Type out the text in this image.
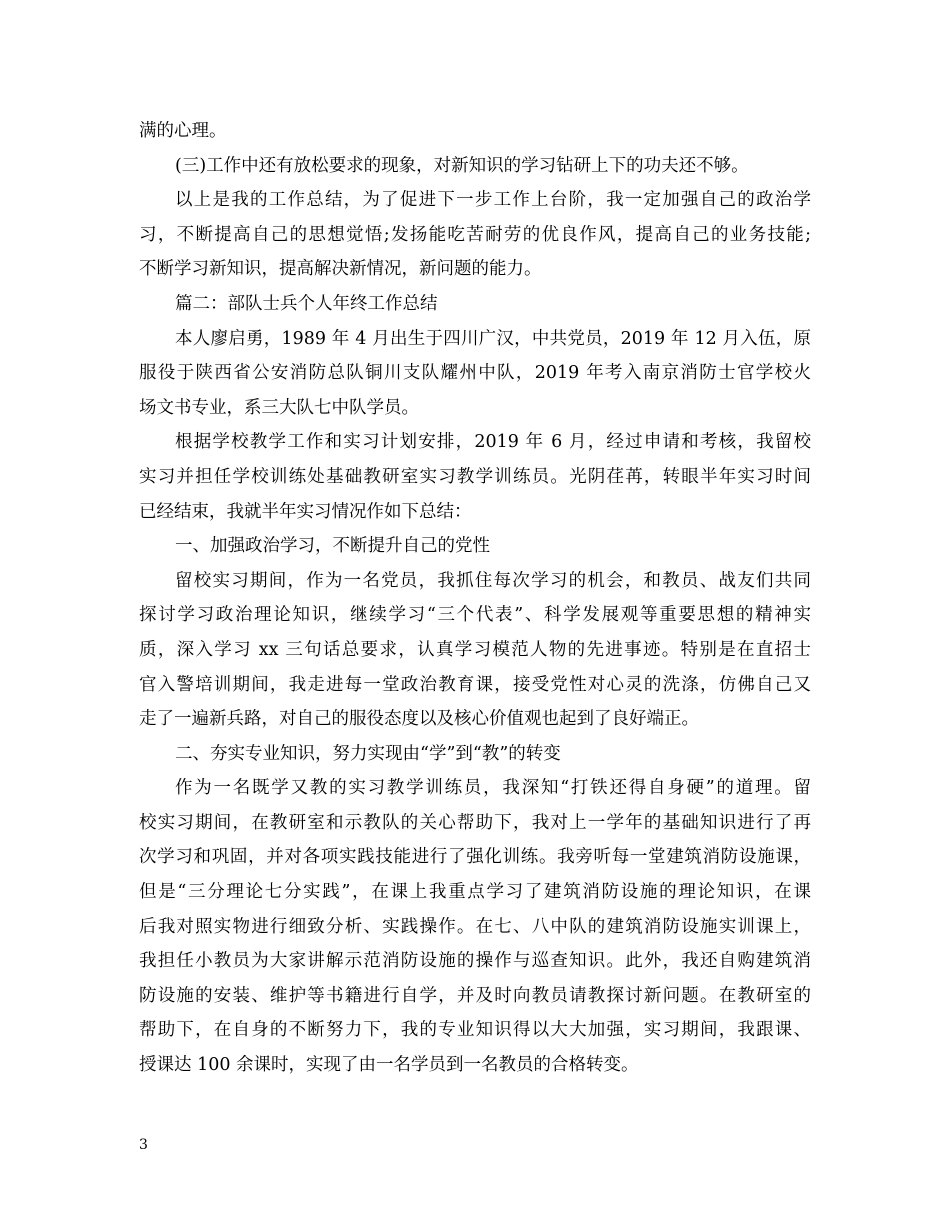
满的心理。
(三)工作中还有放松要求的现象，对新知识的学习钻研上下的功夫还不够。
以上是我的工作总结，为了促进下一步工作上台阶，我一定加强自己的政治学
习，不断提高自己的思想觉悟;发扬能吃苦耐劳的优良作风，提高自己的业务技能;
不断学习新知识，提高解决新情况，新问题的能力。
篇二：部队士兵个人年终工作总结
本人廖启勇，1989 年 4 月出生于四川广汉，中共党员，2019 年 12 月入伍，原
服役于陕西省公安消防总队铜川支队耀州中队，2019 年考入南京消防士官学校火
场文书专业，系三大队七中队学员。
根据学校教学工作和实习计划安排，2019 年 6 月，经过申请和考核，我留校
实习并担任学校训练处基础教研室实习教学训练员。光阴荏苒，转眼半年实习时间
已经结束，我就半年实习情况作如下总结：
一、加强政治学习，不断提升自己的党性
留校实习期间，作为一名党员，我抓住每次学习的机会，和教员、战友们共同
探讨学习政治理论知识，继续学习“三个代表”、科学发展观等重要思想的精神实
质，深入学习 xx 三句话总要求，认真学习模范人物的先进事迹。特别是在直招士
官入警培训期间，我走进每一堂政治教育课，接受党性对心灵的洗涤，仿佛自己又
走了一遍新兵路，对自己的服役态度以及核心价值观也起到了良好端正。
二、夯实专业知识，努力实现由“学”到“教”的转变
作为一名既学又教的实习教学训练员，我深知“打铁还得自身硬”的道理。留
校实习期间，在教研室和示教队的关心帮助下，我对上一学年的基础知识进行了再
次学习和巩固，并对各项实践技能进行了强化训练。我旁听每一堂建筑消防设施课，
但是“三分理论七分实践”，在课上我重点学习了建筑消防设施的理论知识，在课
后我对照实物进行细致分析、实践操作。在七、八中队的建筑消防设施实训课上，
我担任小教员为大家讲解示范消防设施的操作与巡查知识。此外，我还自购建筑消
防设施的安装、维护等书籍进行自学，并及时向教员请教探讨新问题。在教研室的
帮助下，在自身的不断努力下，我的专业知识得以大大加强，实习期间，我跟课、
授课达 100 余课时，实现了由一名学员到一名教员的合格转变。
3
